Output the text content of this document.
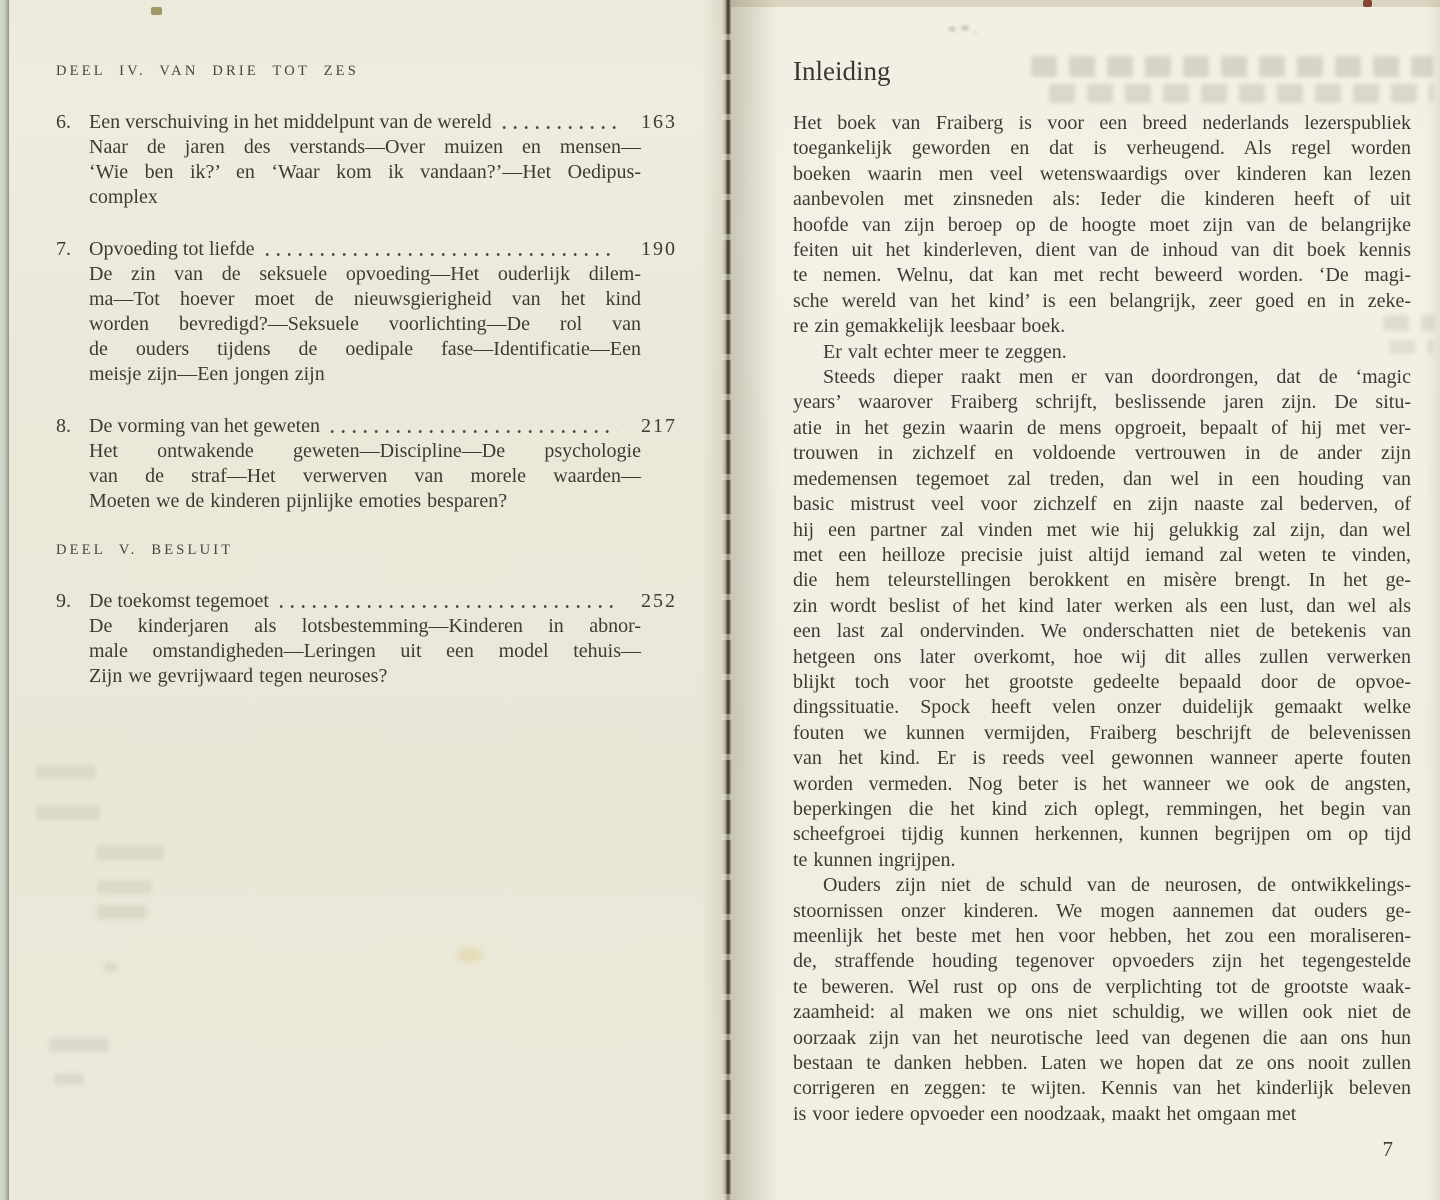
DEEL IV. VAN DRIE TOT ZES
6. Een verschuiving in het middelpunt van de wereld	163
Naar de jaren des verstands—Over muizen en mensen—
‘Wie ben ik?’ en ‘Waar kom ik vandaan?’—Het Oedipus-
complex
7. Opvoeding tot liefde	190
De zin van de seksuele opvoeding—Het ouderlijk dilem-
ma—Tot hoever moet de nieuwsgierigheid van het kind
worden bevredigd?—Seksuele voorlichting—De rol van
de ouders tijdens de oedipale fase—Identificatie—Een
meisje zijn—Een jongen zijn
8. De vorming van het geweten	217
Het ontwakende geweten—Discipline—De psychologie
van de straf—Het verwerven van morele waarden—
Moeten we de kinderen pijnlijke emoties besparen?
DEEL V. BESLUIT
9. De toekomst tegemoet	252
De kinderjaren als lotsbestemming—Kinderen in abnor-
male omstandigheden—Leringen uit een model tehuis—
Zijn we gevrijwaard tegen neuroses?
Inleiding
Het boek van Fraiberg is voor een breed nederlands lezerspubliek
toegankelijk geworden en dat is verheugend. Als regel worden
boeken waarin men veel wetenswaardigs over kinderen kan lezen
aanbevolen met zinsneden als: Ieder die kinderen heeft of uit
hoofde van zijn beroep op de hoogte moet zijn van de belangrijke
feiten uit het kinderleven, dient van de inhoud van dit boek kennis
te nemen. Welnu, dat kan met recht beweerd worden. ‘De magi-
sche wereld van het kind’ is een belangrijk, zeer goed en in zeke-
re zin gemakkelijk leesbaar boek.
Er valt echter meer te zeggen.
Steeds dieper raakt men er van doordrongen, dat de ‘magic
years’ waarover Fraiberg schrijft, beslissende jaren zijn. De situ-
atie in het gezin waarin de mens opgroeit, bepaalt of hij met ver-
trouwen in zichzelf en voldoende vertrouwen in de ander zijn
medemensen tegemoet zal treden, dan wel in een houding van
basic mistrust veel voor zichzelf en zijn naaste zal bederven, of
hij een partner zal vinden met wie hij gelukkig zal zijn, dan wel
met een heilloze precisie juist altijd iemand zal weten te vinden,
die hem teleurstellingen berokkent en misère brengt. In het ge-
zin wordt beslist of het kind later werken als een lust, dan wel als
een last zal ondervinden. We onderschatten niet de betekenis van
hetgeen ons later overkomt, hoe wij dit alles zullen verwerken
blijkt toch voor het grootste gedeelte bepaald door de opvoe-
dingssituatie. Spock heeft velen onzer duidelijk gemaakt welke
fouten we kunnen vermijden, Fraiberg beschrijft de belevenissen
van het kind. Er is reeds veel gewonnen wanneer aperte fouten
worden vermeden. Nog beter is het wanneer we ook de angsten,
beperkingen die het kind zich oplegt, remmingen, het begin van
scheefgroei tijdig kunnen herkennen, kunnen begrijpen om op tijd
te kunnen ingrijpen.
Ouders zijn niet de schuld van de neurosen, de ontwikkelings-
stoornissen onzer kinderen. We mogen aannemen dat ouders ge-
meenlijk het beste met hen voor hebben, het zou een moraliseren-
de, straffende houding tegenover opvoeders zijn het tegengestelde
te beweren. Wel rust op ons de verplichting tot de grootste waak-
zaamheid: al maken we ons niet schuldig, we willen ook niet de
oorzaak zijn van het neurotische leed van degenen die aan ons hun
bestaan te danken hebben. Laten we hopen dat ze ons nooit zullen
corrigeren en zeggen: te wijten. Kennis van het kinderlijk beleven
is voor iedere opvoeder een noodzaak, maakt het omgaan met
7
